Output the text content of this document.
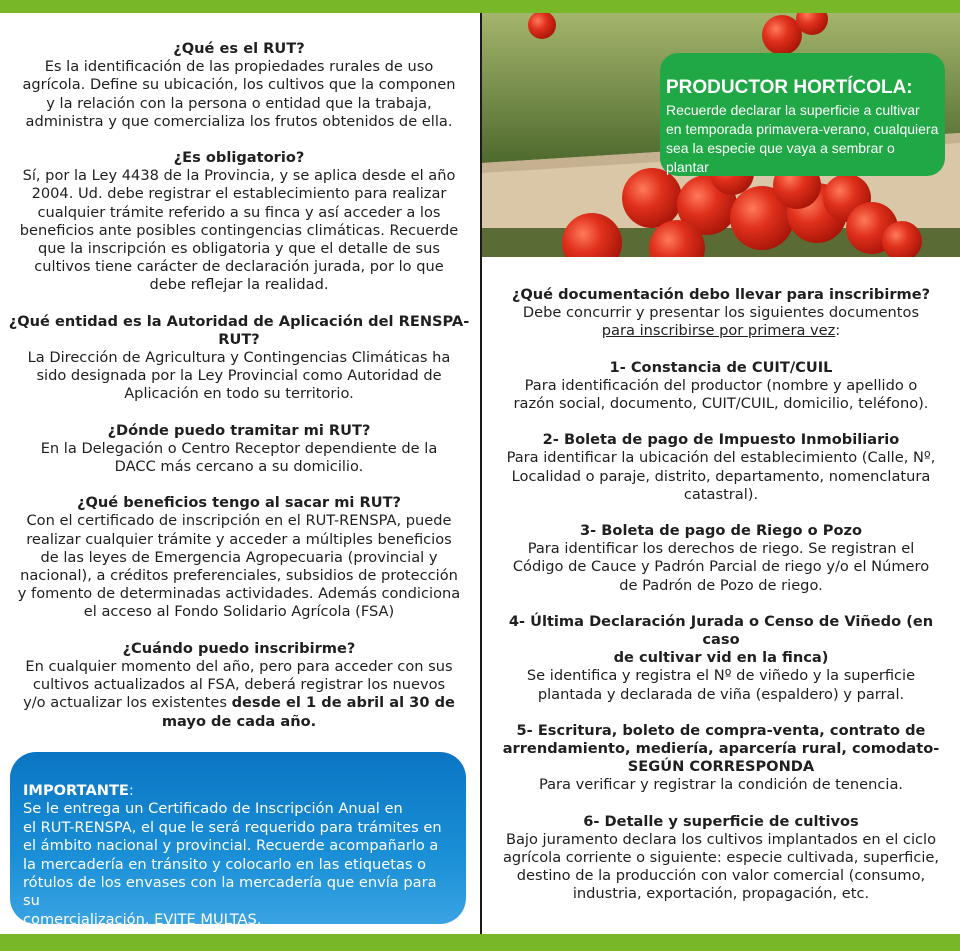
¿Qué es el RUT?

Es la identificación de las propiedades rurales de uso

agrícola. Define su ubicación, los cultivos que la componen

y la relación con la persona o entidad que la trabaja,

administra y que comercializa los frutos obtenidos de ella.

¿Es obligatorio?

Sí, por la Ley 4438 de la Provincia, y se aplica desde el año

2004. Ud. debe registrar el establecimiento para realizar

cualquier trámite referido a su finca y así acceder a los

beneficios ante posibles contingencias climáticas. Recuerde

que la inscripción es obligatoria y que el detalle de sus

cultivos tiene carácter de declaración jurada, por lo que

debe reflejar la realidad.

¿Qué entidad es la Autoridad de Aplicación del RENSPA-
RUT?

La Dirección de Agricultura y Contingencias Climáticas ha

sido designada por la Ley Provincial como Autoridad de

Aplicación en todo su territorio.

¿Dónde puedo tramitar mi RUT?

En la Delegación o Centro Receptor dependiente de la

DACC más cercano a su domicilio.

¿Qué beneficios tengo al sacar mi RUT?

Con el certificado de inscripción en el RUT-RENSPA, puede

realizar cualquier trámite y acceder a múltiples beneficios

de las leyes de Emergencia Agropecuaria (provincial y

nacional), a créditos preferenciales, subsidios de protección

y fomento de determinadas actividades. Además condiciona

el acceso al Fondo Solidario Agrícola (FSA)

¿Cuándo puedo inscribirme?

En cualquier momento del año, pero para acceder con sus

cultivos actualizados al FSA, deberá registrar los nuevos

y/o actualizar los existentes desde el 1 de abril al 30 de

mayo de cada año.

IMPORTANTE:

Se le entrega un Certificado de Inscripción Anual en

el RUT-RENSPA, el que le será requerido para trámites en

el ámbito nacional y provincial. Recuerde acompañarlo a

la mercadería en tránsito y colocarlo en las etiquetas o

rótulos de los envases con la mercadería que envía para su

comercialización. EVITE MULTAS.

PRODUCTOR HORTÍCOLA:

Recuerde declarar la superficie a cultivar

en temporada primavera-verano, cualquiera

sea la especie que vaya a sembrar o plantar

¿Qué documentación debo llevar para inscribirme?

Debe concurrir y presentar los siguientes documentos

para inscribirse por primera vez:

1- Constancia de CUIT/CUIL

Para identificación del productor (nombre y apellido o

razón social, documento, CUIT/CUIL, domicilio, teléfono).

2- Boleta de pago de Impuesto Inmobiliario

Para identificar la ubicación del establecimiento (Calle, Nº,

Localidad o paraje, distrito, departamento, nomenclatura

catastral).

3- Boleta de pago de Riego o Pozo

Para identificar los derechos de riego. Se registran el

Código de Cauce y Padrón Parcial de riego y/o el Número

de Padrón de Pozo de riego.

4- Última Declaración Jurada o Censo de Viñedo (en caso
de cultivar vid en la finca)

Se identifica y registra el Nº de viñedo y la superficie

plantada y declarada de viña (espaldero) y parral.

5- Escritura, boleto de compra-venta, contrato de
arrendamiento, mediería, aparcería rural, comodato-
SEGÚN CORRESPONDA

Para verificar y registrar la condición de tenencia.

6- Detalle y superficie de cultivos

Bajo juramento declara los cultivos implantados en el ciclo

agrícola corriente o siguiente: especie cultivada, superficie,

destino de la producción con valor comercial (consumo,

industria, exportación, propagación, etc.
